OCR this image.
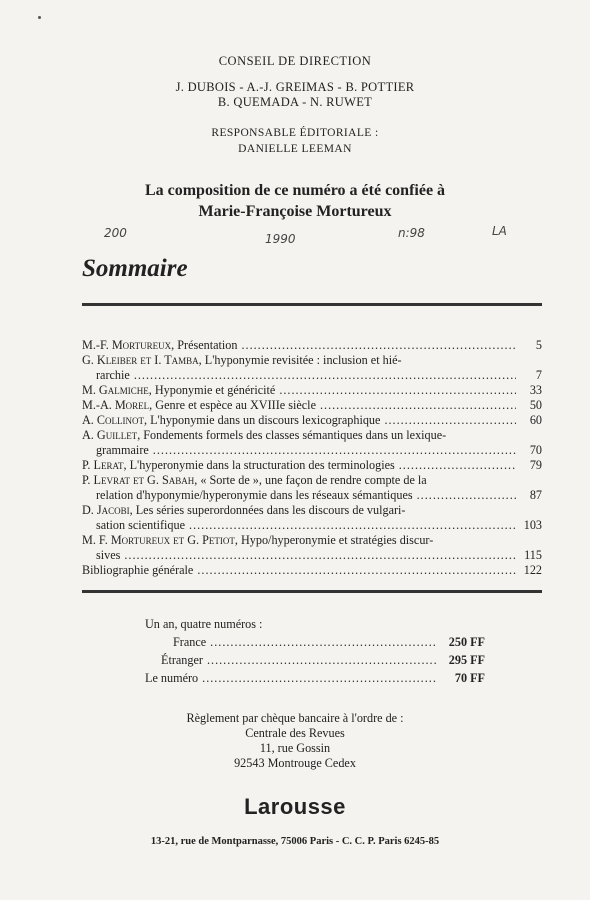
CONSEIL DE DIRECTION
J. DUBOIS - A.-J. GREIMAS - B. POTTIER
B. QUEMADA - N. RUWET
RESPONSABLE ÉDITORIALE :
DANIELLE LEEMAN
La composition de ce numéro a été confiée à
Marie-Françoise Mortureux
200	1990	n:98	LA
Sommaire
M.-F. Mortureux, Présentation .....	5
G. Kleiber et I. Tamba, L'hyponymie revisitée : inclusion et hié-
rarchie .....	7
M. Galmiche, Hyponymie et généricité .....	33
M.-A. Morel, Genre et espèce au XVIIIe siècle .....	50
A. Collinot, L'hyponymie dans un discours lexicographique .....	60
A. Guillet, Fondements formels des classes sémantiques dans un lexique-
grammaire .....	70
P. Lerat, L'hyperonymie dans la structuration des terminologies .....	79
P. Levrat et G. Sabah, « Sorte de », une façon de rendre compte de la
relation d'hyponymie/hyperonymie dans les réseaux sémantiques .....	87
D. Jacobi, Les séries superordonnées dans les discours de vulgari-
sation scientifique .....	103
M. F. Mortureux et G. Petiot, Hypo/hyperonymie et stratégies discur-
sives .....	115
Bibliographie générale .....	122
Un an, quatre numéros :
France .....	250 FF
Étranger .....	295 FF
Le numéro .....	70 FF
Règlement par chèque bancaire à l'ordre de :
Centrale des Revues
11, rue Gossin
92543 Montrouge Cedex
Larousse
13-21, rue de Montparnasse, 75006 Paris - C. C. P. Paris 6245-85
